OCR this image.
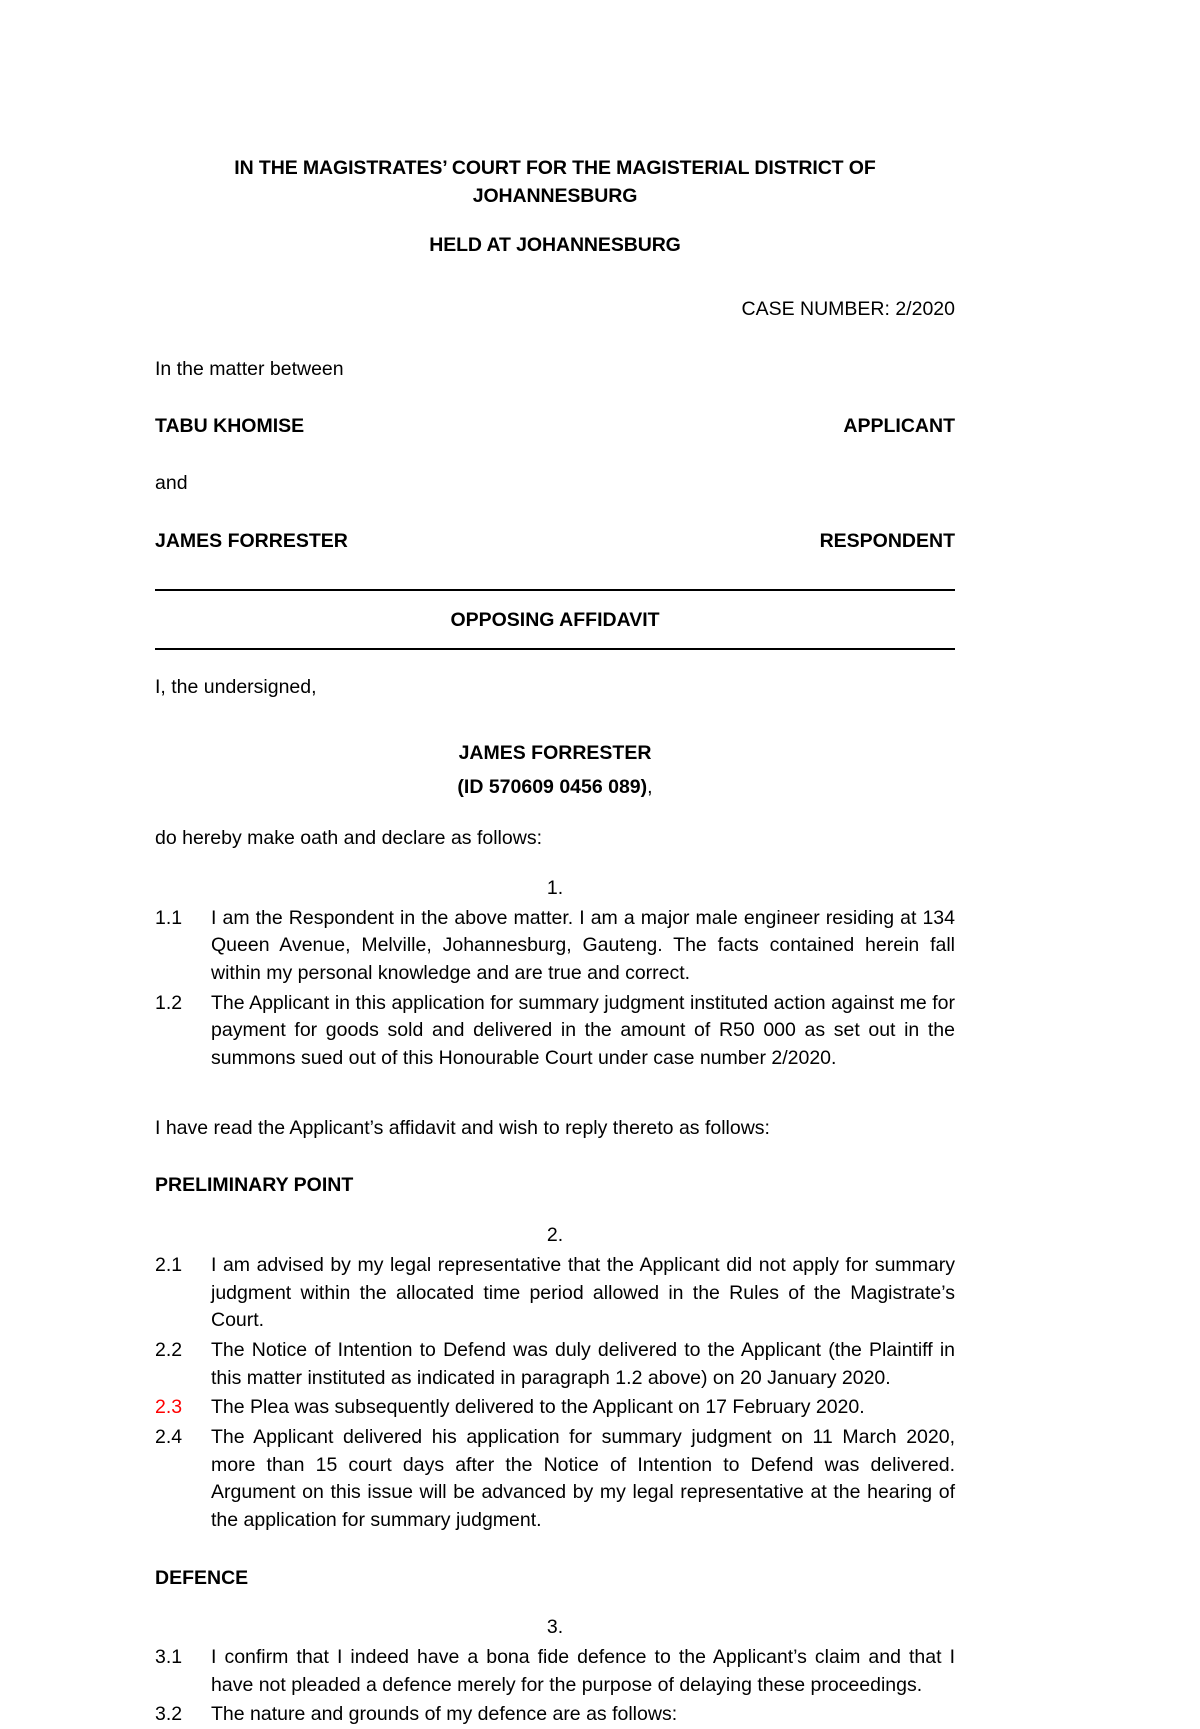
IN THE MAGISTRATES’ COURT FOR THE MAGISTERIAL DISTRICT OF JOHANNESBURG
HELD AT JOHANNESBURG
CASE NUMBER: 2/2020
In the matter between
TABU KHOMISE	APPLICANT
and
JAMES FORRESTER	RESPONDENT
OPPOSING AFFIDAVIT
I, the undersigned,
JAMES FORRESTER
(ID 570609 0456 089),
do hereby make oath and declare as follows:
1.
1.1	I am the Respondent in the above matter. I am a major male engineer residing at 134 Queen Avenue, Melville, Johannesburg, Gauteng. The facts contained herein fall within my personal knowledge and are true and correct.
1.2	The Applicant in this application for summary judgment instituted action against me for payment for goods sold and delivered in the amount of R50 000 as set out in the summons sued out of this Honourable Court under case number 2/2020.
I have read the Applicant’s affidavit and wish to reply thereto as follows:
PRELIMINARY POINT
2.
2.1	I am advised by my legal representative that the Applicant did not apply for summary judgment within the allocated time period allowed in the Rules of the Magistrate’s Court.
2.2	The Notice of Intention to Defend was duly delivered to the Applicant (the Plaintiff in this matter instituted as indicated in paragraph 1.2 above) on 20 January 2020.
2.3	The Plea was subsequently delivered to the Applicant on 17 February 2020.
2.4	The Applicant delivered his application for summary judgment on 11 March 2020, more than 15 court days after the Notice of Intention to Defend was delivered. Argument on this issue will be advanced by my legal representative at the hearing of the application for summary judgment.
DEFENCE
3.
3.1	I confirm that I indeed have a bona fide defence to the Applicant’s claim and that I have not pleaded a defence merely for the purpose of delaying these proceedings.
3.2	The nature and grounds of my defence are as follows:
